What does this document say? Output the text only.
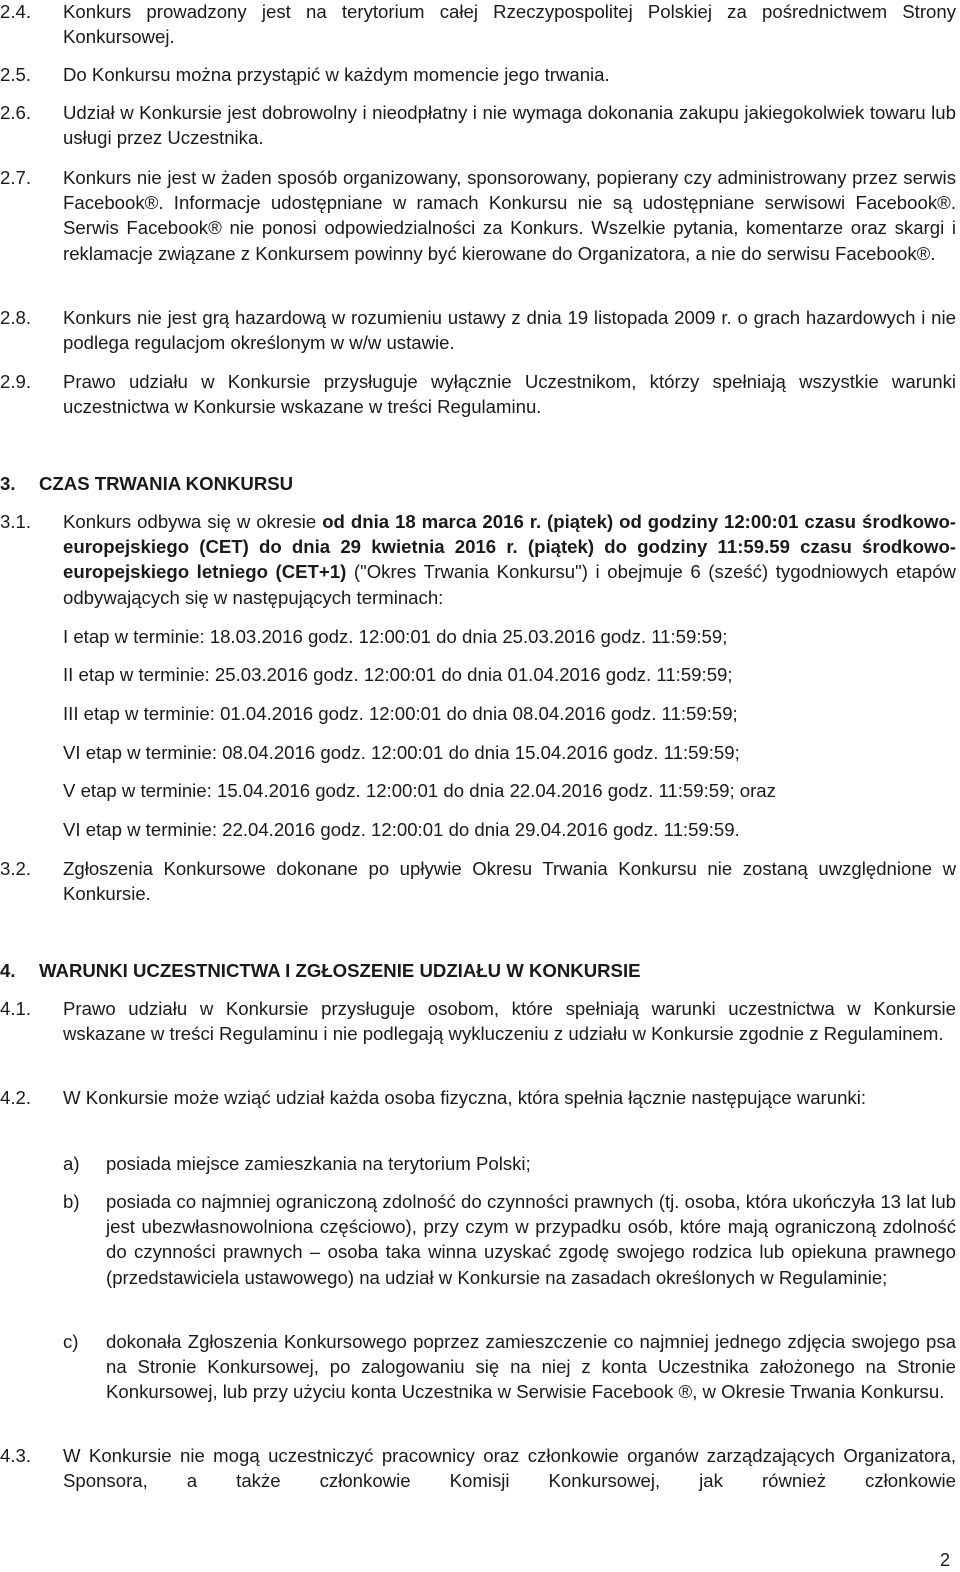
2.4.	Konkurs prowadzony jest na terytorium całej Rzeczypospolitej Polskiej za pośrednictwem Strony Konkursowej.
2.5.	Do Konkursu można przystąpić w każdym momencie jego trwania.
2.6.	Udział w Konkursie jest dobrowolny i nieodpłatny i nie wymaga dokonania zakupu jakiegokolwiek towaru lub usługi przez Uczestnika.
2.7.	Konkurs nie jest w żaden sposób organizowany, sponsorowany, popierany czy administrowany przez serwis Facebook®. Informacje udostępniane w ramach Konkursu nie są udostępniane serwisowi Facebook®. Serwis Facebook® nie ponosi odpowiedzialności za Konkurs. Wszelkie pytania, komentarze oraz skargi i reklamacje związane z Konkursem powinny być kierowane do Organizatora, a nie do serwisu Facebook®.
2.8.	Konkurs nie jest grą hazardową w rozumieniu ustawy z dnia 19 listopada 2009 r. o grach hazardowych i nie podlega regulacjom określonym w w/w ustawie.
2.9.	Prawo udziału w Konkursie przysługuje wyłącznie Uczestnikom, którzy spełniają wszystkie warunki uczestnictwa w Konkursie wskazane w treści Regulaminu.
3. CZAS TRWANIA KONKURSU
3.1.	Konkurs odbywa się w okresie od dnia 18 marca 2016 r. (piątek) od godziny 12:00:01 czasu środkowo-europejskiego (CET) do dnia 29 kwietnia 2016 r. (piątek) do godziny 11:59.59 czasu środkowo-europejskiego letniego (CET+1) ("Okres Trwania Konkursu") i obejmuje 6 (sześć) tygodniowych etapów odbywających się w następujących terminach:
I etap w terminie: 18.03.2016 godz. 12:00:01 do dnia 25.03.2016 godz. 11:59:59;
II etap w terminie: 25.03.2016 godz. 12:00:01 do dnia 01.04.2016 godz. 11:59:59;
III etap w terminie: 01.04.2016 godz. 12:00:01 do dnia 08.04.2016 godz. 11:59:59;
VI etap w terminie: 08.04.2016 godz. 12:00:01 do dnia 15.04.2016 godz. 11:59:59;
V etap w terminie: 15.04.2016 godz. 12:00:01 do dnia 22.04.2016 godz. 11:59:59; oraz
VI etap w terminie: 22.04.2016 godz. 12:00:01 do dnia 29.04.2016 godz. 11:59:59.
3.2.	Zgłoszenia Konkursowe dokonane po upływie Okresu Trwania Konkursu nie zostaną uwzględnione w Konkursie.
4. WARUNKI UCZESTNICTWA I ZGŁOSZENIE UDZIAŁU W KONKURSIE
4.1.	Prawo udziału w Konkursie przysługuje osobom, które spełniają warunki uczestnictwa w Konkursie wskazane w treści Regulaminu i nie podlegają wykluczeniu z udziału w Konkursie zgodnie z Regulaminem.
4.2.	W Konkursie może wziąć udział każda osoba fizyczna, która spełnia łącznie następujące warunki:
a)	posiada miejsce zamieszkania na terytorium Polski;
b)	posiada co najmniej ograniczoną zdolność do czynności prawnych (tj. osoba, która ukończyła 13 lat lub jest ubezwłasnowolniona częściowo), przy czym w przypadku osób, które mają ograniczoną zdolność do czynności prawnych – osoba taka winna uzyskać zgodę swojego rodzica lub opiekuna prawnego (przedstawiciela ustawowego) na udział w Konkursie na zasadach określonych w Regulaminie;
c)	dokonała Zgłoszenia Konkursowego poprzez zamieszczenie co najmniej jednego zdjęcia swojego psa na Stronie Konkursowej, po zalogowaniu się na niej z konta Uczestnika założonego na Stronie Konkursowej, lub przy użyciu konta Uczestnika w Serwisie Facebook ®, w Okresie Trwania Konkursu.
4.3.	W Konkursie nie mogą uczestniczyć pracownicy oraz członkowie organów zarządzających Organizatora, Sponsora, a także członkowie Komisji Konkursowej, jak również członkowie
2
